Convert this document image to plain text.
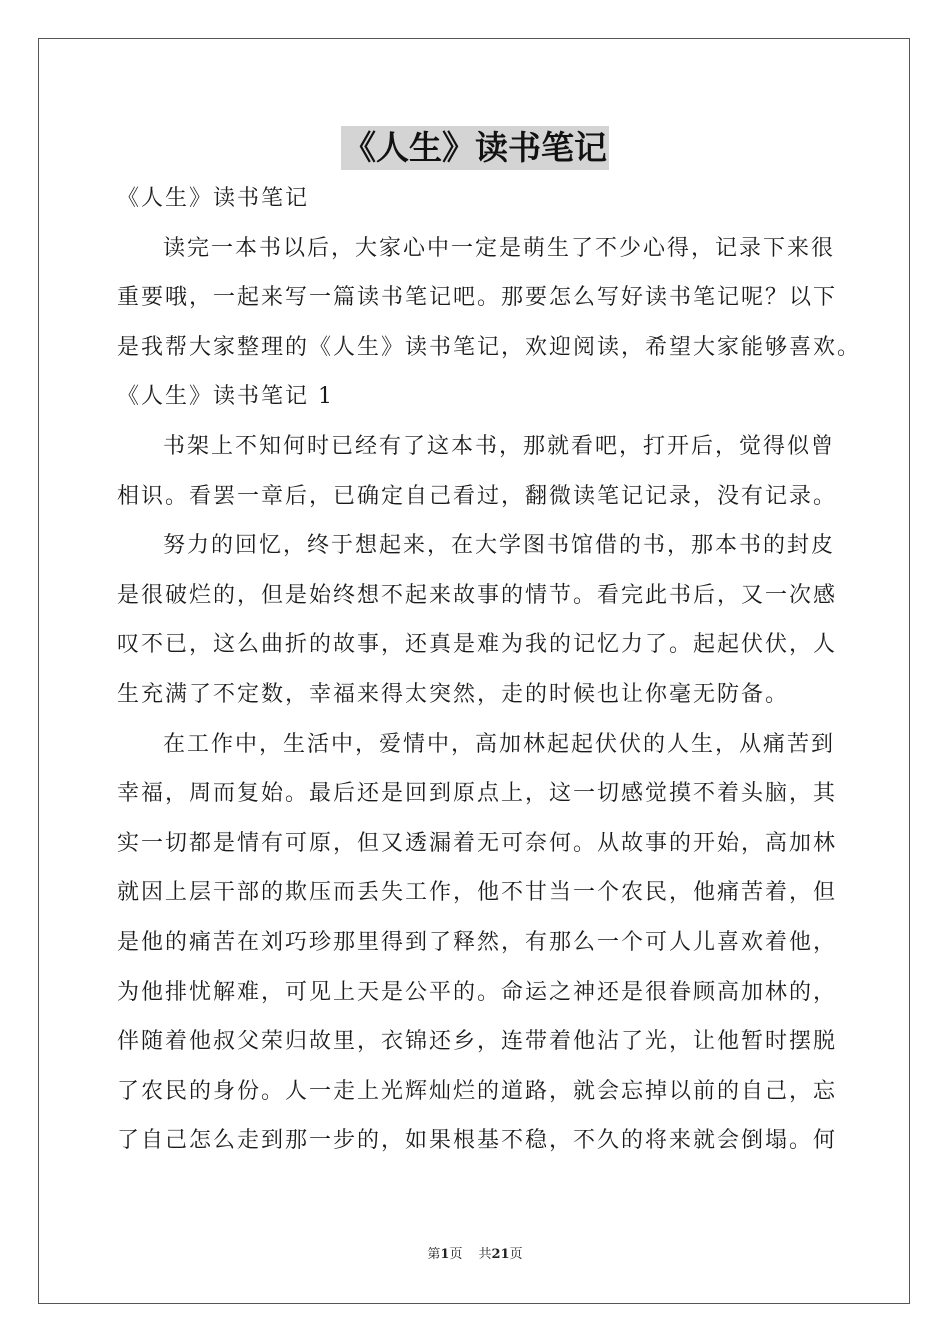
《人生》读书笔记
《人生》读书笔记
读完一本书以后，大家心中一定是萌生了不少心得，记录下来很
重要哦，一起来写一篇读书笔记吧。那要怎么写好读书笔记呢？以下
是我帮大家整理的《人生》读书笔记，欢迎阅读，希望大家能够喜欢。
《人生》读书笔记 1
书架上不知何时已经有了这本书，那就看吧，打开后，觉得似曾
相识。看罢一章后，已确定自己看过，翻微读笔记记录，没有记录。
努力的回忆，终于想起来，在大学图书馆借的书，那本书的封皮
是很破烂的，但是始终想不起来故事的情节。看完此书后，又一次感
叹不已，这么曲折的故事，还真是难为我的记忆力了。起起伏伏，人
生充满了不定数，幸福来得太突然，走的时候也让你毫无防备。
在工作中，生活中，爱情中，高加林起起伏伏的人生，从痛苦到
幸福，周而复始。最后还是回到原点上，这一切感觉摸不着头脑，其
实一切都是情有可原，但又透漏着无可奈何。从故事的开始，高加林
就因上层干部的欺压而丢失工作，他不甘当一个农民，他痛苦着，但
是他的痛苦在刘巧珍那里得到了释然，有那么一个可人儿喜欢着他，
为他排忧解难，可见上天是公平的。命运之神还是很眷顾高加林的，
伴随着他叔父荣归故里，衣锦还乡，连带着他沾了光，让他暂时摆脱
了农民的身份。人一走上光辉灿烂的道路，就会忘掉以前的自己，忘
了自己怎么走到那一步的，如果根基不稳，不久的将来就会倒塌。何
第1页 共21页
